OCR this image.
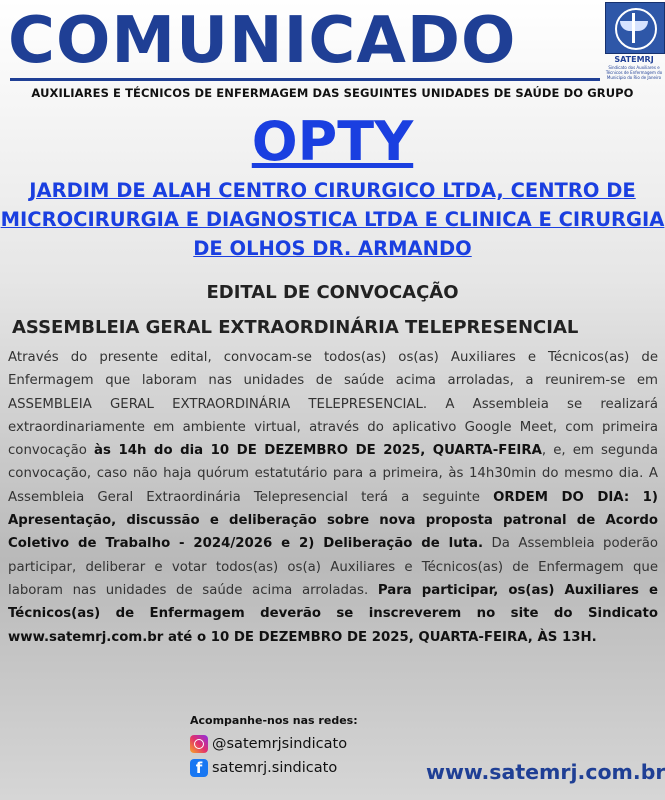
COMUNICADO	SATEMRJ
Sindicato dos Auxiliares e Técnicos de Enfermagem do Município do Rio de Janeiro
AUXILIARES E TÉCNICOS DE ENFERMAGEM DAS SEGUINTES UNIDADES DE SAÚDE DO GRUPO
OPTY
JARDIM DE ALAH CENTRO CIRURGICO LTDA, CENTRO DE MICROCIRURGIA E DIAGNOSTICA LTDA E CLINICA E CIRURGIA DE OLHOS DR. ARMANDO
EDITAL DE CONVOCAÇÃO
ASSEMBLEIA GERAL EXTRAORDINÁRIA TELEPRESENCIAL
Através do presente edital, convocam-se todos(as) os(as) Auxiliares e Técnicos(as) de Enfermagem que laboram nas unidades de saúde acima arroladas, a reunirem-se em ASSEMBLEIA GERAL EXTRAORDINÁRIA TELEPRESENCIAL. A Assembleia se realizará extraordinariamente em ambiente virtual, através do aplicativo Google Meet, com primeira convocação às 14h do dia 10 DE DEZEMBRO DE 2025, QUARTA-FEIRA, e, em segunda convocação, caso não haja quórum estatutário para a primeira, às 14h30min do mesmo dia. A Assembleia Geral Extraordinária Telepresencial terá a seguinte ORDEM DO DIA: 1) Apresentação, discussão e deliberação sobre nova proposta patronal de Acordo Coletivo de Trabalho - 2024/2026 e 2) Deliberação de luta. Da Assembleia poderão participar, deliberar e votar todos(as) os(a) Auxiliares e Técnicos(as) de Enfermagem que laboram nas unidades de saúde acima arroladas. Para participar, os(as) Auxiliares e Técnicos(as) de Enfermagem deverão se inscreverem no site do Sindicato www.satemrj.com.br até o 10 DE DEZEMBRO DE 2025, QUARTA-FEIRA, ÀS 13H.
Acompanhe-nos nas redes:
@satemrjsindicato
f satemrj.sindicato	www.satemrj.com.br
